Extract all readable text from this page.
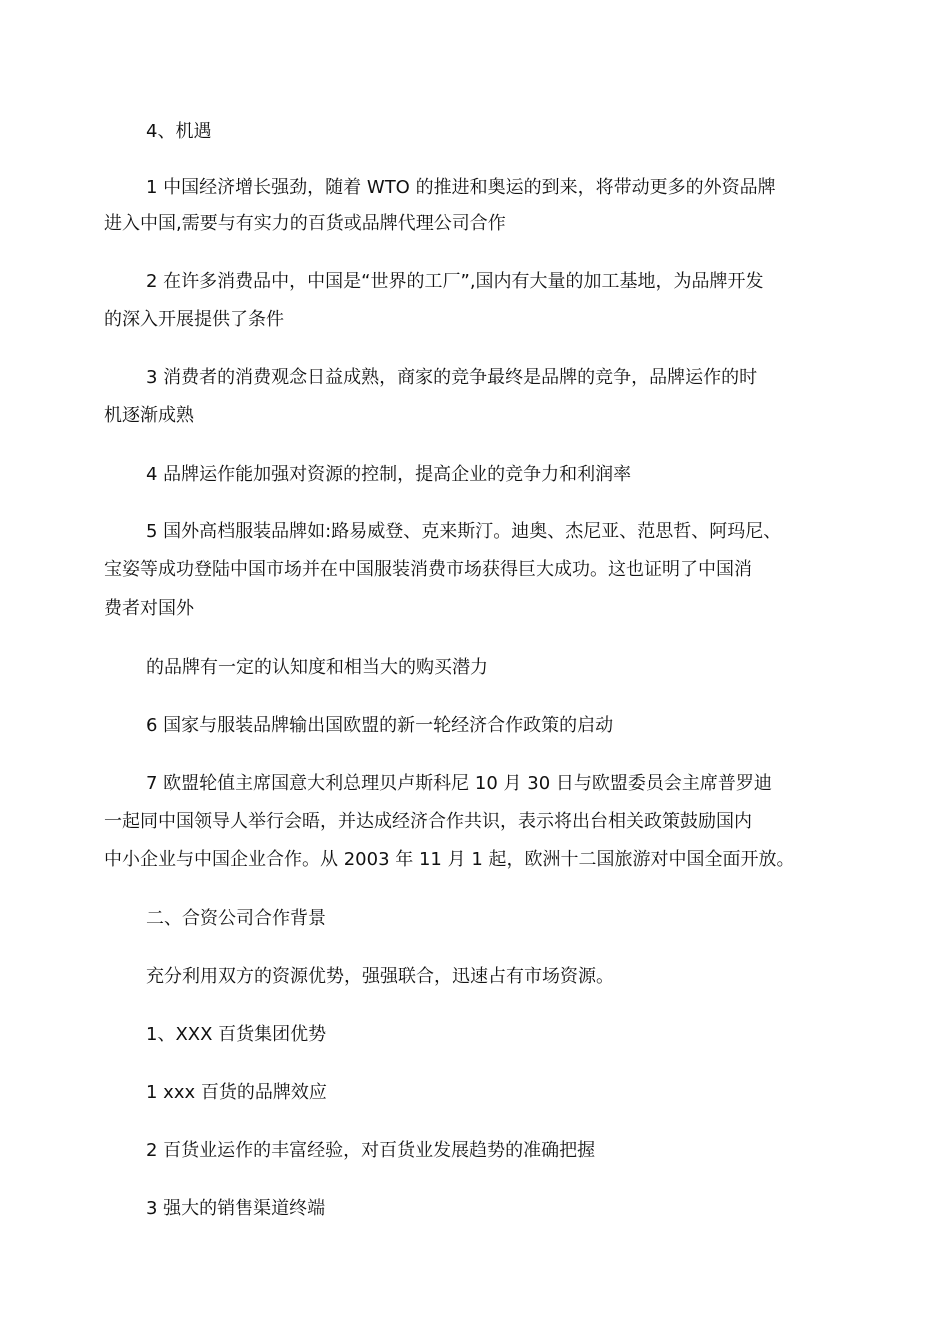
4、机遇
1 中国经济增长强劲，随着 WTO 的推进和奥运的到来，将带动更多的外资品牌
进入中国,需要与有实力的百货或品牌代理公司合作
2 在许多消费品中，中国是“世界的工厂”,国内有大量的加工基地，为品牌开发
的深入开展提供了条件
3 消费者的消费观念日益成熟，商家的竞争最终是品牌的竞争，品牌运作的时
机逐渐成熟
4 品牌运作能加强对资源的控制，提高企业的竞争力和利润率
5 国外高档服装品牌如:路易威登、克来斯汀。迪奥、杰尼亚、范思哲、阿玛尼、
宝姿等成功登陆中国市场并在中国服装消费市场获得巨大成功。这也证明了中国消
费者对国外
的品牌有一定的认知度和相当大的购买潜力
6 国家与服装品牌输出国欧盟的新一轮经济合作政策的启动
7 欧盟轮值主席国意大利总理贝卢斯科尼 10 月 30 日与欧盟委员会主席普罗迪
一起同中国领导人举行会晤，并达成经济合作共识，表示将出台相关政策鼓励国内
中小企业与中国企业合作。从 2003 年 11 月 1 起，欧洲十二国旅游对中国全面开放。
二、合资公司合作背景
充分利用双方的资源优势，强强联合，迅速占有市场资源。
1、XXX 百货集团优势
1 xxx 百货的品牌效应
2 百货业运作的丰富经验，对百货业发展趋势的准确把握
3 强大的销售渠道终端
